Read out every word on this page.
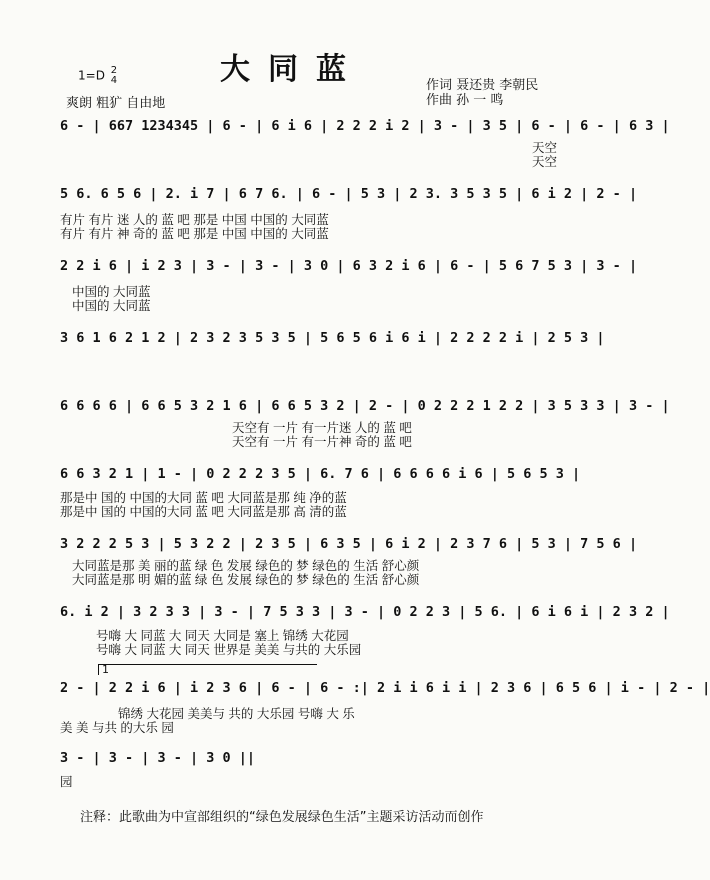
1=D 2
4	大同蓝
爽朗 粗犷 自由地
作词 聂还贵 李朝民
作曲 孙 一 鸣
6 - | 667 1234345 | 6 - | 6 i 6 | 2 2 2 i 2 | 3 - | 3 5 | 6 - | 6 - | 6 3 |
天空
天空
5 6. 6 5 6 | 2. i 7 | 6 7 6. | 6 - | 5 3 | 2 3. 3 5 3 5 | 6 i 2 | 2 - |
有片 有片 迷 人的 蓝 吧 那是 中国 中国的 大同蓝
有片 有片 神 奇的 蓝 吧 那是 中国 中国的 大同蓝
2 2 i 6 | i 2 3 | 3 - | 3 - | 3 0 | 6 3 2 i 6 | 6 - | 5 6 7 5 3 | 3 - |
中国的 大同蓝
中国的 大同蓝
3 6 1 6 2 1 2 | 2 3 2 3 5 3 5 | 5 6 5 6 i 6 i | 2 2 2 2 i | 2 5 3 |
6 6 6 6 | 6 6 5 3 2 1 6 | 6 6 5 3 2 | 2 - | 0 2 2 2 1 2 2 | 3 5 3 3 | 3 - |
天空有 一片 有一片迷 人的 蓝 吧
天空有 一片 有一片神 奇的 蓝 吧
6 6 3 2 1 | 1 - | 0 2 2 2 3 5 | 6. 7 6 | 6 6 6 6 i 6 | 5 6 5 3 |
那是中 国的 中国的大同 蓝 吧 大同蓝是那 纯 净的蓝
那是中 国的 中国的大同 蓝 吧 大同蓝是那 高 清的蓝
3 2 2 2 5 3 | 5 3 2 2 | 2 3 5 | 6 3 5 | 6 i 2 | 2 3 7 6 | 5 3 | 7 5 6 |
大同蓝是那 美 丽的蓝 绿 色 发展 绿色的 梦 绿色的 生活 舒心颜
大同蓝是那 明 媚的蓝 绿 色 发展 绿色的 梦 绿色的 生活 舒心颜
6. i 2 | 3 2 3 3 | 3 - | 7 5 3 3 | 3 - | 0 2 2 3 | 5 6. | 6 i 6 i | 2 3 2 |
号嗨 大 同蓝 大 同天 大同是 塞上 锦绣 大花园
号嗨 大 同蓝 大 同天 世界是 美美 与共的 大乐园
1
2 - | 2 2 i 6 | i 2 3 6 | 6 - | 6 - :| 2 i i 6 i i | 2 3 6 | 6 5 6 | i - | 2 - |
锦绣 大花园 美美与 共的 大乐园 号嗨 大 乐
美 美 与共 的大乐 园
3 - | 3 - | 3 - | 3 0 ||
园
注释：此歌曲为中宣部组织的“绿色发展绿色生活”主题采访活动而创作
